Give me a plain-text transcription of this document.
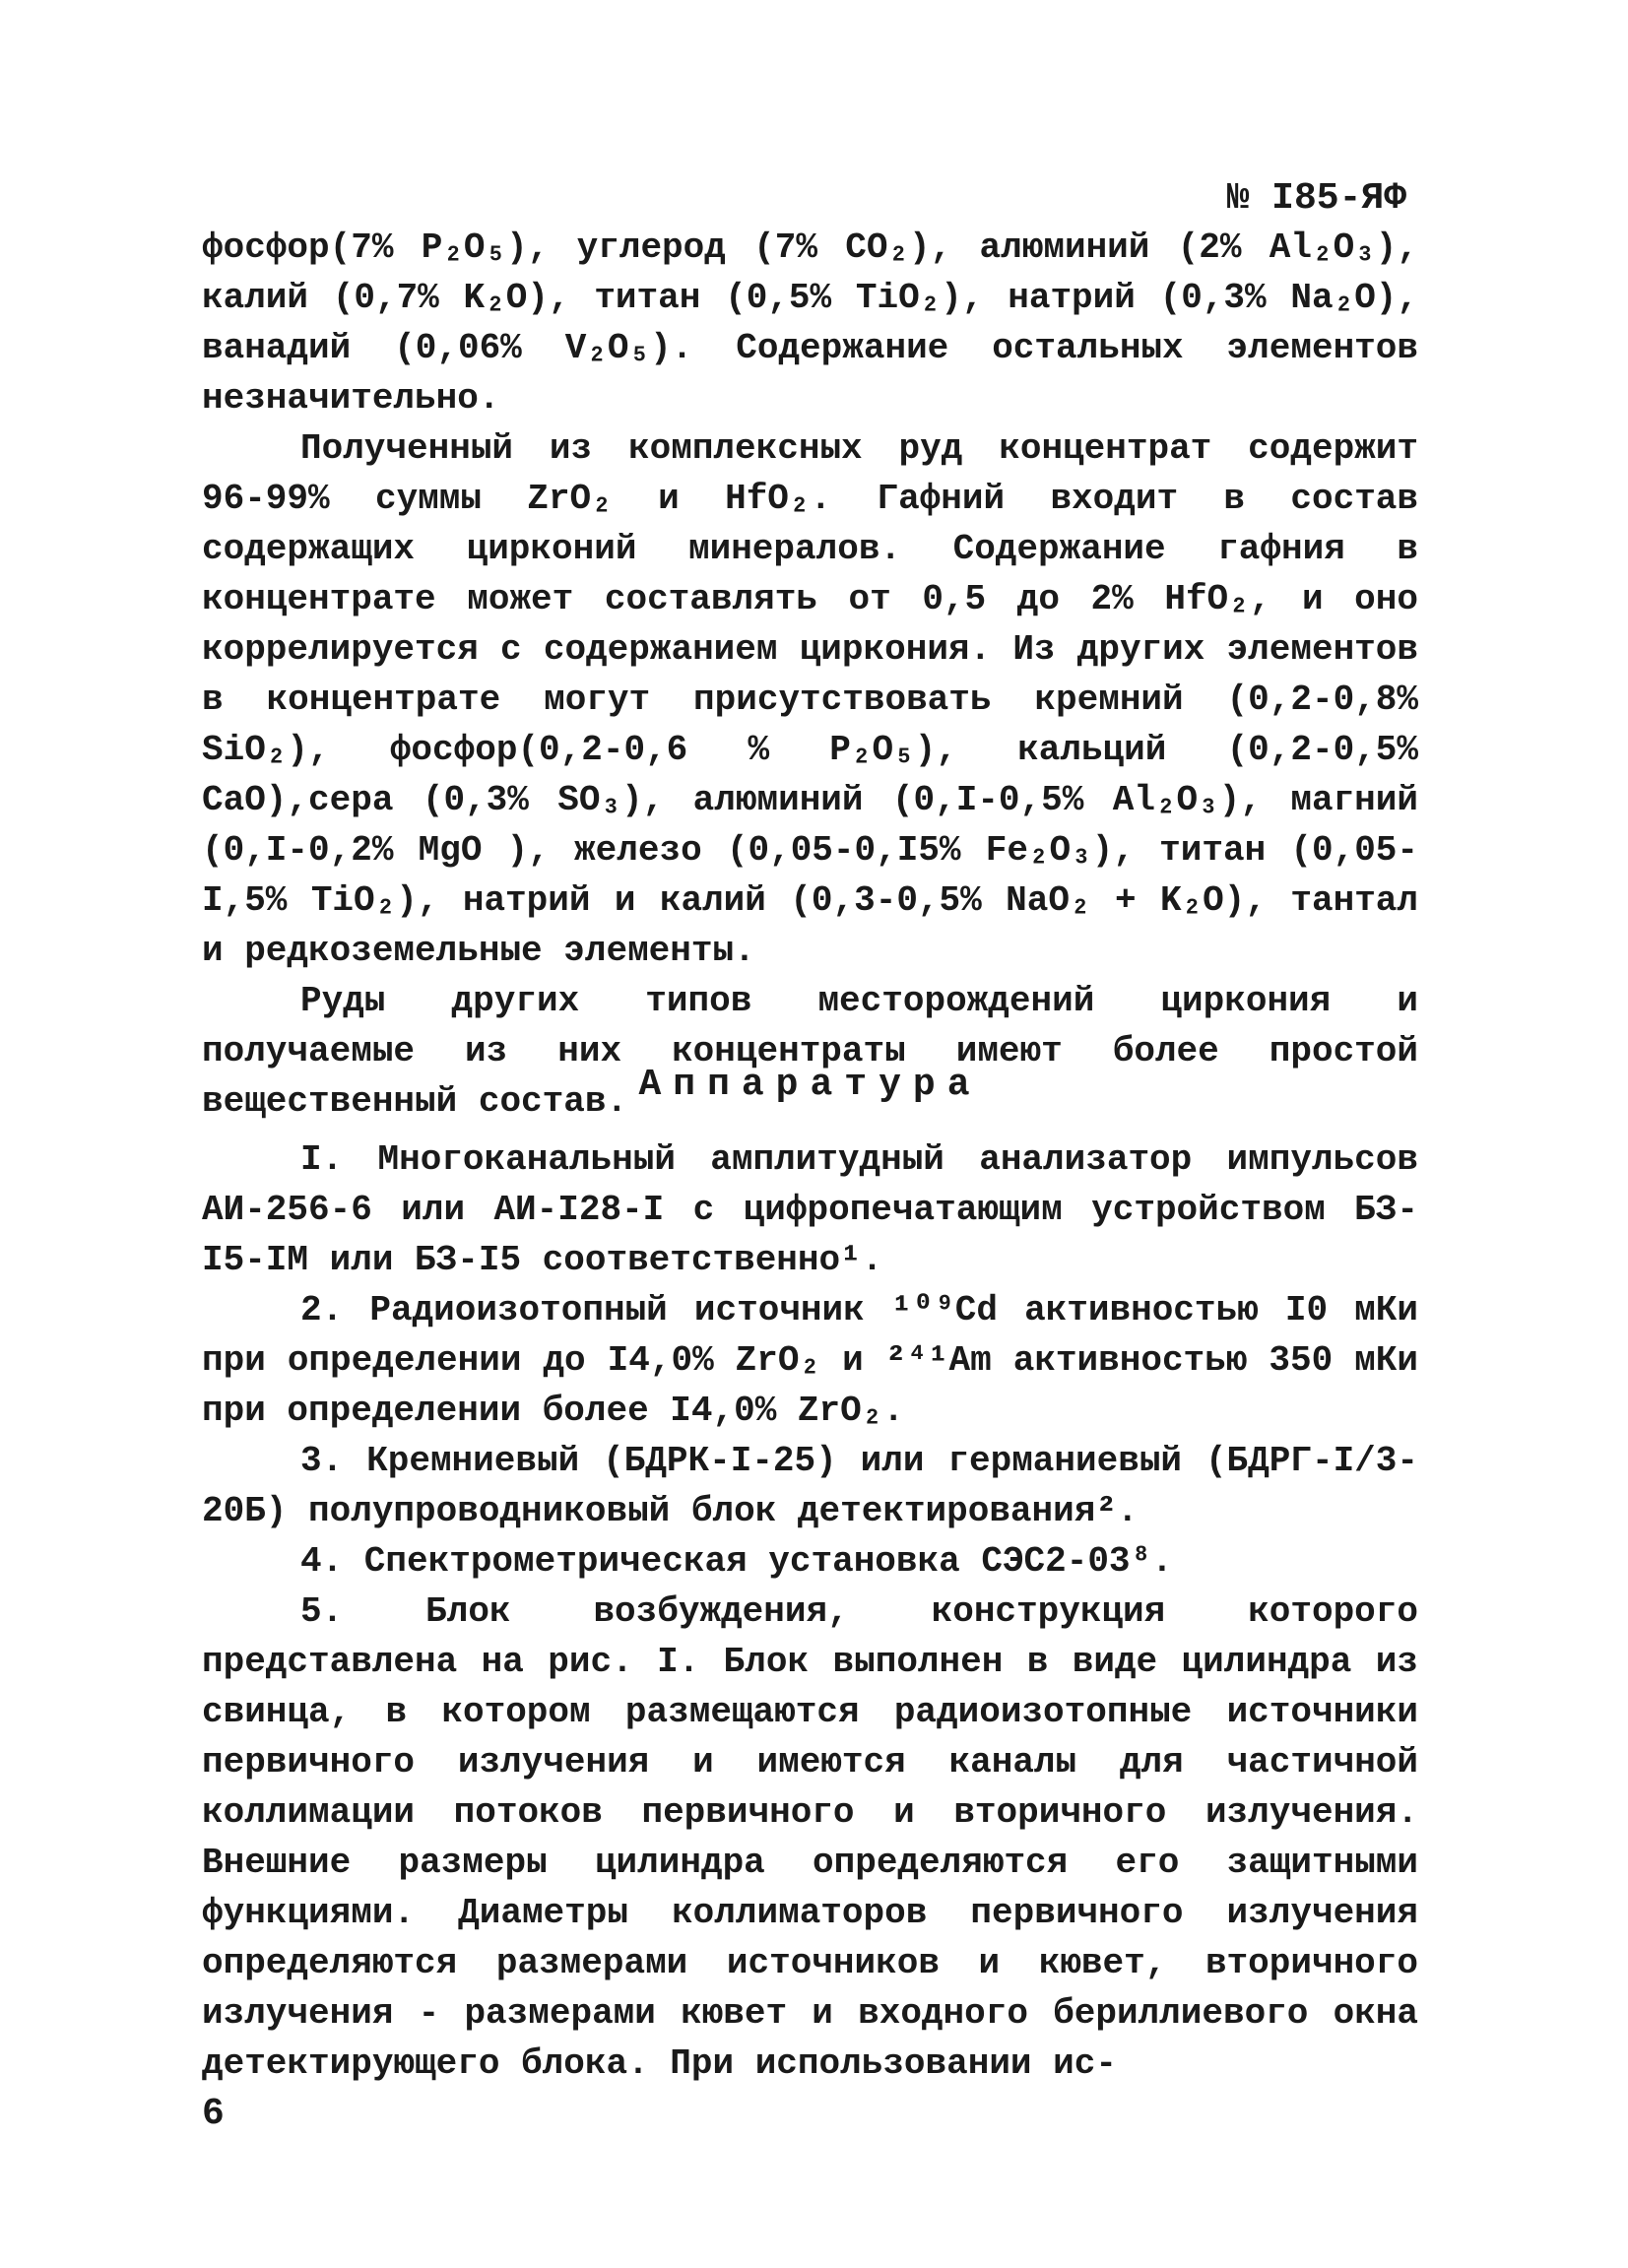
№ I85-ЯФ

фосфор(7% P₂O₅), углерод (7% CO₂), алюминий (2% Al₂O₃), калий (0,7% K₂O), титан (0,5% TiO₂), натрий (0,3% Na₂O), ванадий (0,06% V₂O₅). Содержание остальных элементов незначительно.

Полученный из комплексных руд концентрат содержит 96-99% суммы ZrO₂ и HfO₂. Гафний входит в состав содержащих цирконий минералов. Содержание гафния в концентрате может составлять от 0,5 до 2% HfO₂, и оно коррелируется с содержанием циркония. Из других элементов в концентрате могут присутствовать кремний (0,2-0,8% SiO₂), фосфор(0,2-0,6 % P₂O₅), кальций (0,2-0,5% CaO),сера (0,3% SO₃), алюминий (0,I-0,5% Al₂O₃), магний (0,I-0,2% MgO ), железо (0,05-0,I5% Fe₂O₃), титан (0,05-I,5% TiO₂), натрий и калий (0,3-0,5% NaO₂ + K₂O), тантал и редкоземельные элементы.

Руды других типов месторождений циркония и получаемые из них концентраты имеют более простой вещественный состав. Аппаратура

I. Многоканальный амплитудный анализатор импульсов АИ-256-6 или АИ-I28-I с цифропечатающим устройством БЗ-I5-IМ или БЗ-I5 соответственно¹.

2. Радиоизотопный источник ¹⁰⁹Cd активностью I0 мКи при определении до I4,0% ZrO₂ и ²⁴¹Am активностью 350 мКи при определении более I4,0% ZrO₂.

3. Кремниевый (БДРК-I-25) или германиевый (БДРГ-I/3-20Б) полупроводниковый блок детектирования².

4. Спектрометрическая установка СЭС2-03⁸.

5. Блок возбуждения, конструкция которого представлена на рис. I. Блок выполнен в виде цилиндра из свинца, в котором размещаются радиоизотопные источники первичного излучения и имеются каналы для частичной коллимации потоков первичного и вторичного излучения. Внешние размеры цилиндра определяются его защитными функциями. Диаметры коллиматоров первичного излучения определяются размерами источников и кювет, вторичного излучения - размерами кювет и входного бериллиевого окна детектирующего блока. При использовании ис-

6
